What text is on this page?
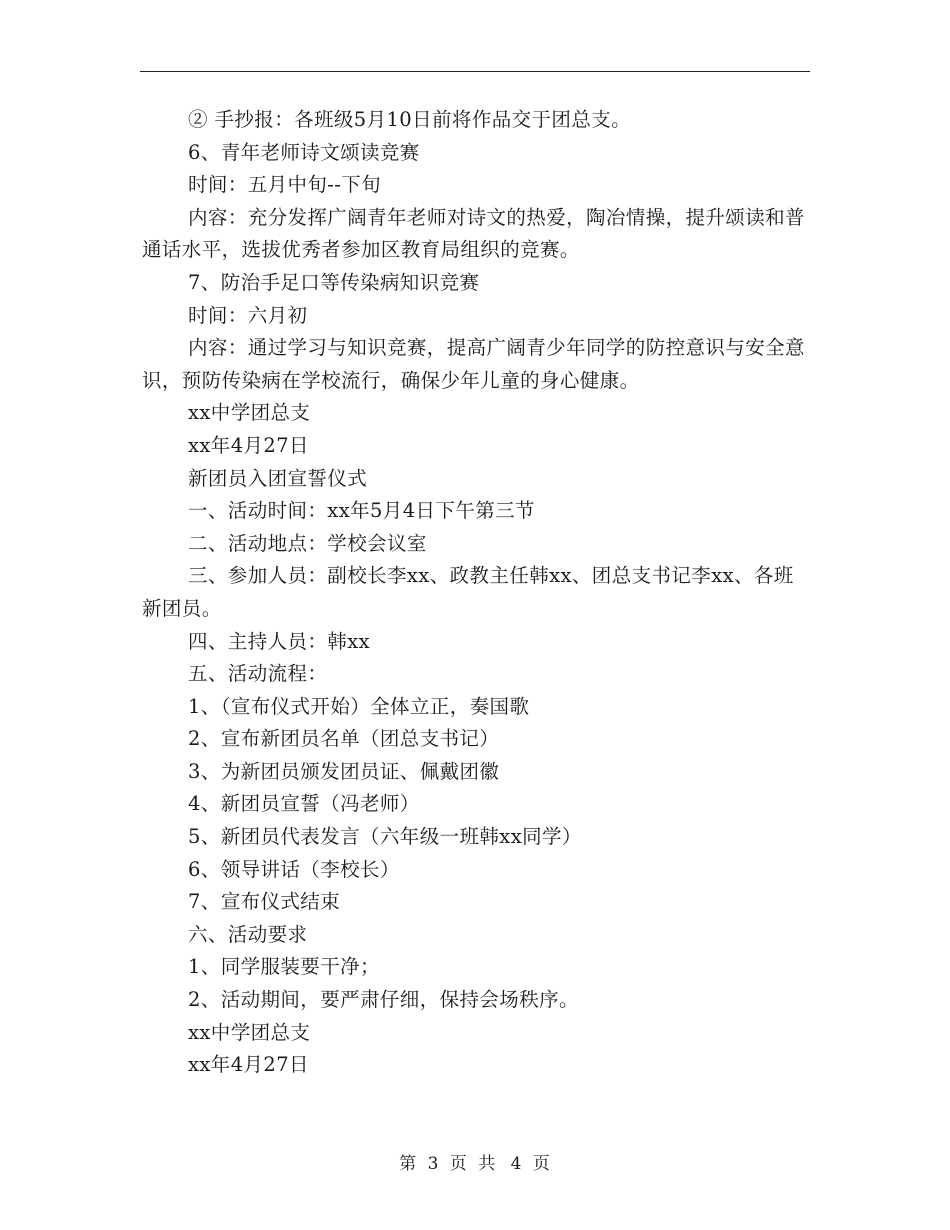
② 手抄报：各班级5月10日前将作品交于团总支。

6、青年老师诗文颂读竞赛

时间：五月中旬--下旬

内容：充分发挥广阔青年老师对诗文的热爱，陶冶情操，提升颂读和普通话水平，选拔优秀者参加区教育局组织的竞赛。

7、防治手足口等传染病知识竞赛

时间：六月初

内容：通过学习与知识竞赛，提高广阔青少年同学的防控意识与安全意识，预防传染病在学校流行，确保少年儿童的身心健康。

xx中学团总支

xx年4月27日

新团员入团宣誓仪式

一、活动时间：xx年5月4日下午第三节

二、活动地点：学校会议室

三、参加人员：副校长李xx、政教主任韩xx、团总支书记李xx、各班新团员。

四、主持人员：韩xx

五、活动流程：

1、（宣布仪式开始）全体立正，奏国歌

2、宣布新团员名单（团总支书记）

3、为新团员颁发团员证、佩戴团徽

4、新团员宣誓（冯老师）

5、新团员代表发言（六年级一班韩xx同学）

6、领导讲话（李校长）

7、宣布仪式结束

六、活动要求

1、同学服装要干净；

2、活动期间，要严肃仔细，保持会场秩序。

xx中学团总支

xx年4月27日

第 3 页 共 4 页
